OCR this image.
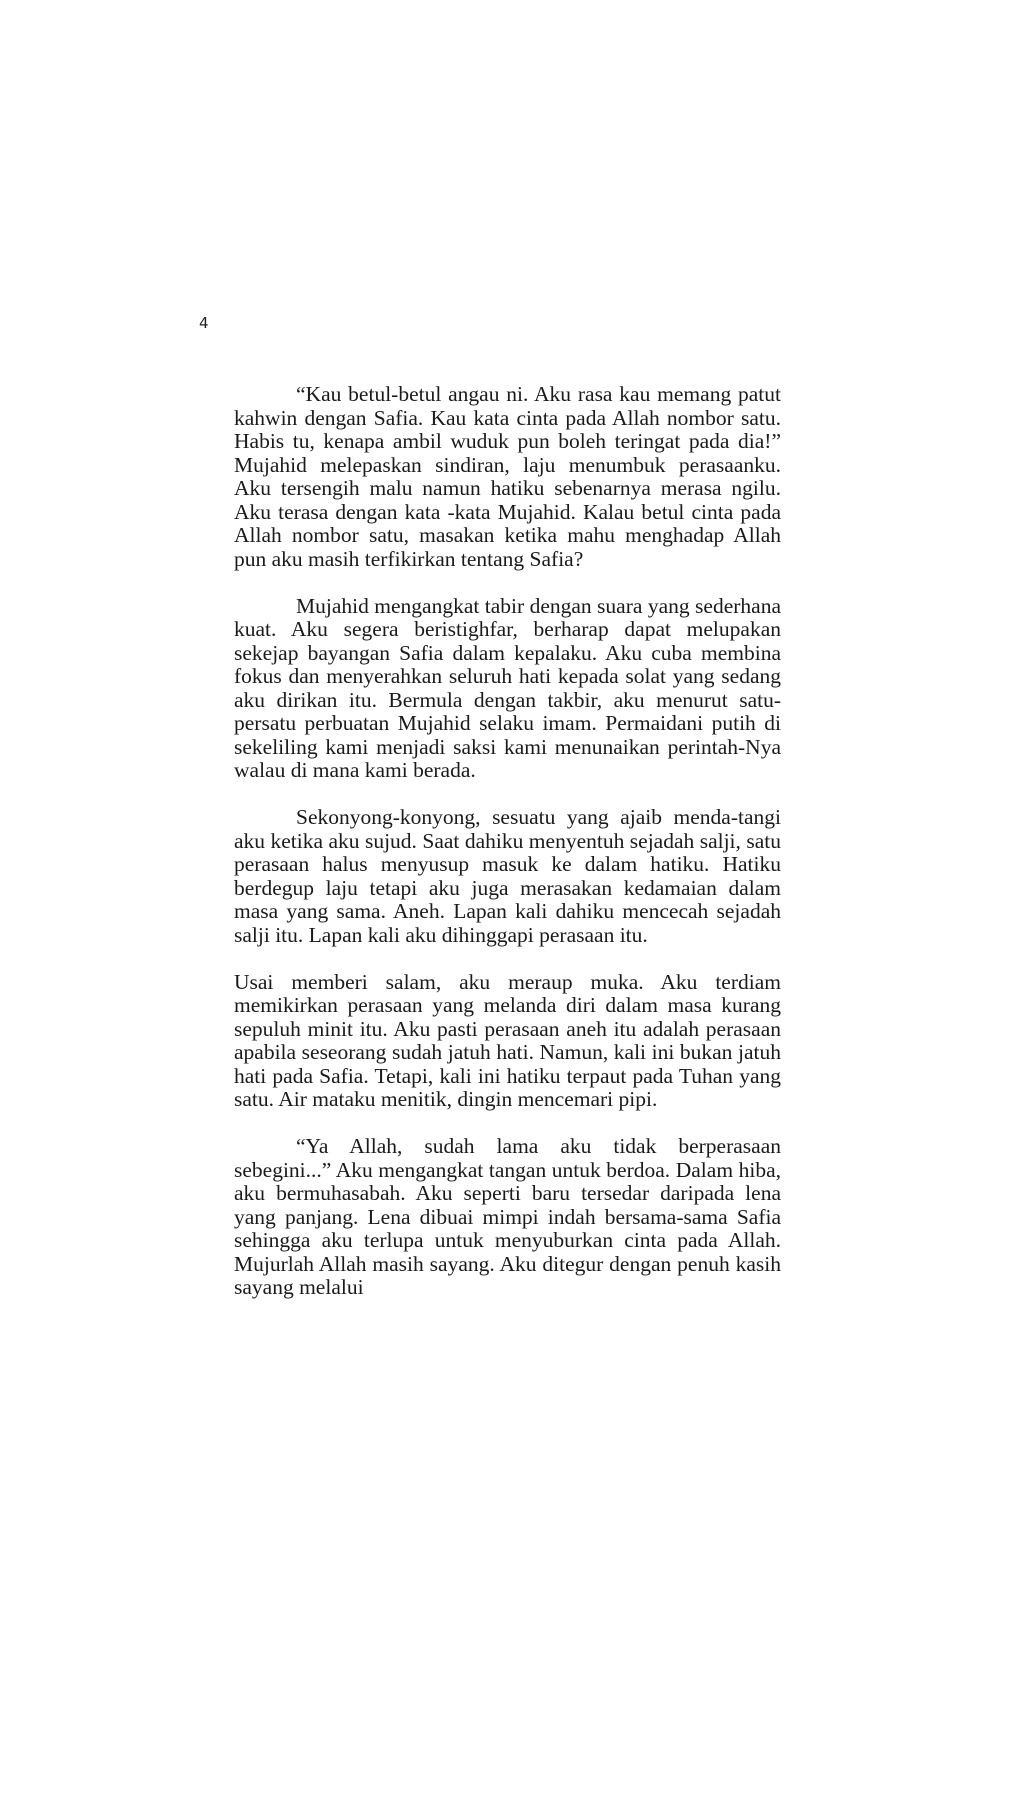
4

“Kau betul-betul angau ni. Aku rasa kau memang patut kahwin dengan Safia. Kau kata cinta pada Allah nombor satu. Habis tu, kenapa ambil wuduk pun boleh teringat pada dia!” Mujahid melepaskan sindiran, laju menumbuk perasaanku. Aku tersengih malu namun hatiku sebenarnya merasa ngilu. Aku terasa dengan kata -kata Mujahid. Kalau betul cinta pada Allah nombor satu, masakan ketika mahu menghadap Allah pun aku masih terfikirkan tentang Safia?

Mujahid mengangkat tabir dengan suara yang sederhana kuat. Aku segera beristighfar, berharap dapat melupakan sekejap bayangan Safia dalam kepalaku. Aku cuba membina fokus dan menyerahkan seluruh hati kepada solat yang sedang aku dirikan itu. Bermula dengan takbir, aku menurut satu-persatu perbuatan Mujahid selaku imam. Permaidani putih di sekeliling kami menjadi saksi kami menunaikan perintah-Nya walau di mana kami berada.

Sekonyong-konyong, sesuatu yang ajaib menda-tangi aku ketika aku sujud. Saat dahiku menyentuh sejadah salji, satu perasaan halus menyusup masuk ke dalam hatiku. Hatiku berdegup laju tetapi aku juga merasakan kedamaian dalam masa yang sama. Aneh. Lapan kali dahiku mencecah sejadah salji itu. Lapan kali aku dihinggapi perasaan itu.

Usai memberi salam, aku meraup muka. Aku terdiam memikirkan perasaan yang melanda diri dalam masa kurang sepuluh minit itu. Aku pasti perasaan aneh itu adalah perasaan apabila seseorang sudah jatuh hati. Namun, kali ini bukan jatuh hati pada Safia. Tetapi, kali ini hatiku terpaut pada Tuhan yang satu. Air mataku menitik, dingin mencemari pipi.

“Ya Allah, sudah lama aku tidak berperasaan sebegini...” Aku mengangkat tangan untuk berdoa. Dalam hiba, aku bermuhasabah. Aku seperti baru tersedar daripada lena yang panjang. Lena dibuai mimpi indah bersama-sama Safia sehingga aku terlupa untuk menyuburkan cinta pada Allah. Mujurlah Allah masih sayang. Aku ditegur dengan penuh kasih sayang melalui
